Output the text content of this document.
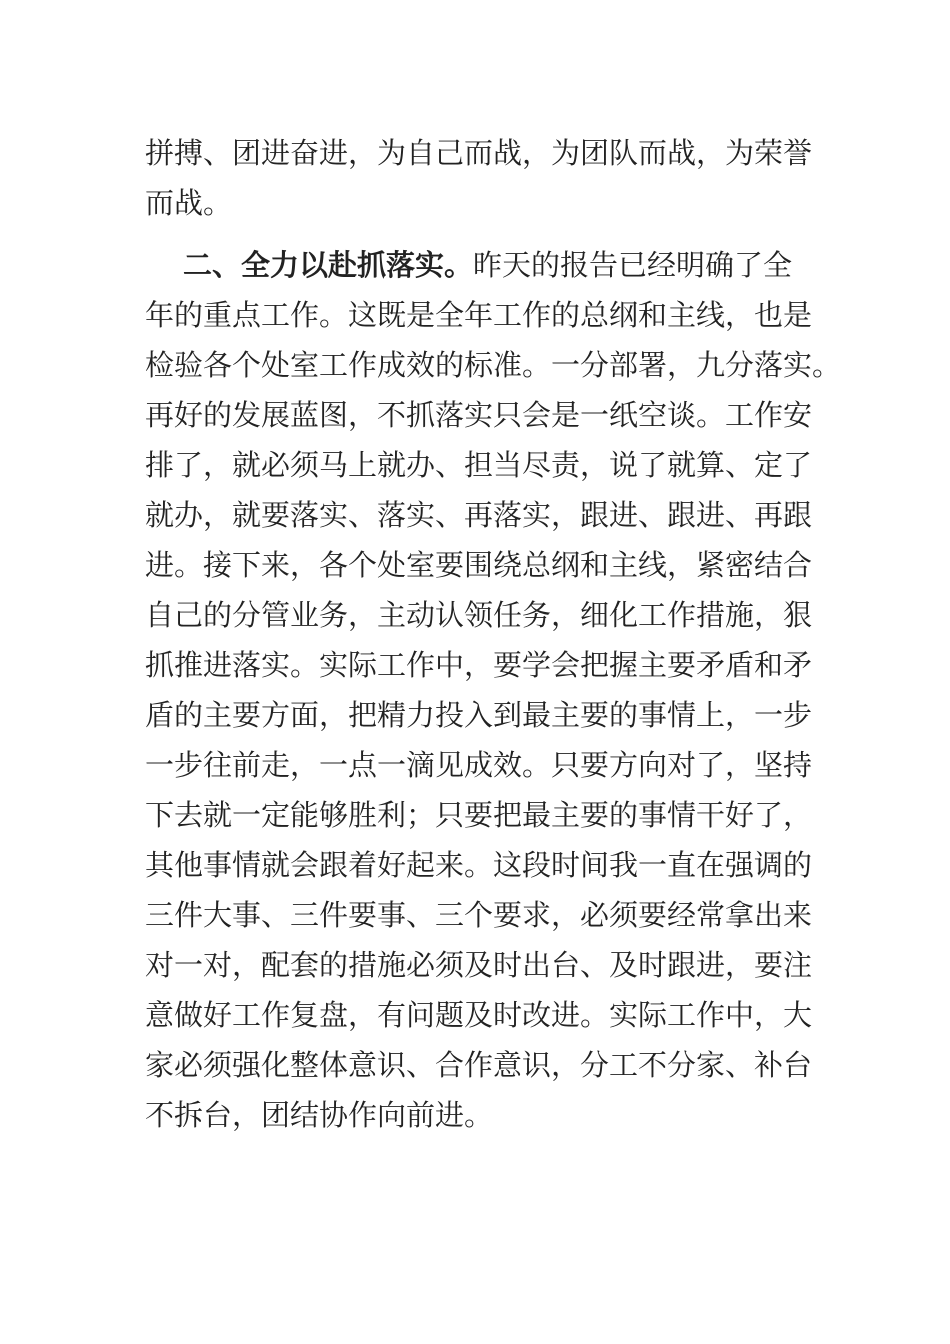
拼搏、团进奋进，为自己而战，为团队而战，为荣誉
而战。
二、全力以赴抓落实。昨天的报告已经明确了全
年的重点工作。这既是全年工作的总纲和主线，也是
检验各个处室工作成效的标准。一分部署，九分落实。
再好的发展蓝图，不抓落实只会是一纸空谈。工作安
排了，就必须马上就办、担当尽责，说了就算、定了
就办，就要落实、落实、再落实，跟进、跟进、再跟
进。接下来，各个处室要围绕总纲和主线，紧密结合
自己的分管业务，主动认领任务，细化工作措施，狠
抓推进落实。实际工作中，要学会把握主要矛盾和矛
盾的主要方面，把精力投入到最主要的事情上，一步
一步往前走，一点一滴见成效。只要方向对了，坚持
下去就一定能够胜利；只要把最主要的事情干好了，
其他事情就会跟着好起来。这段时间我一直在强调的
三件大事、三件要事、三个要求，必须要经常拿出来
对一对，配套的措施必须及时出台、及时跟进，要注
意做好工作复盘，有问题及时改进。实际工作中，大
家必须强化整体意识、合作意识，分工不分家、补台
不拆台，团结协作向前进。
